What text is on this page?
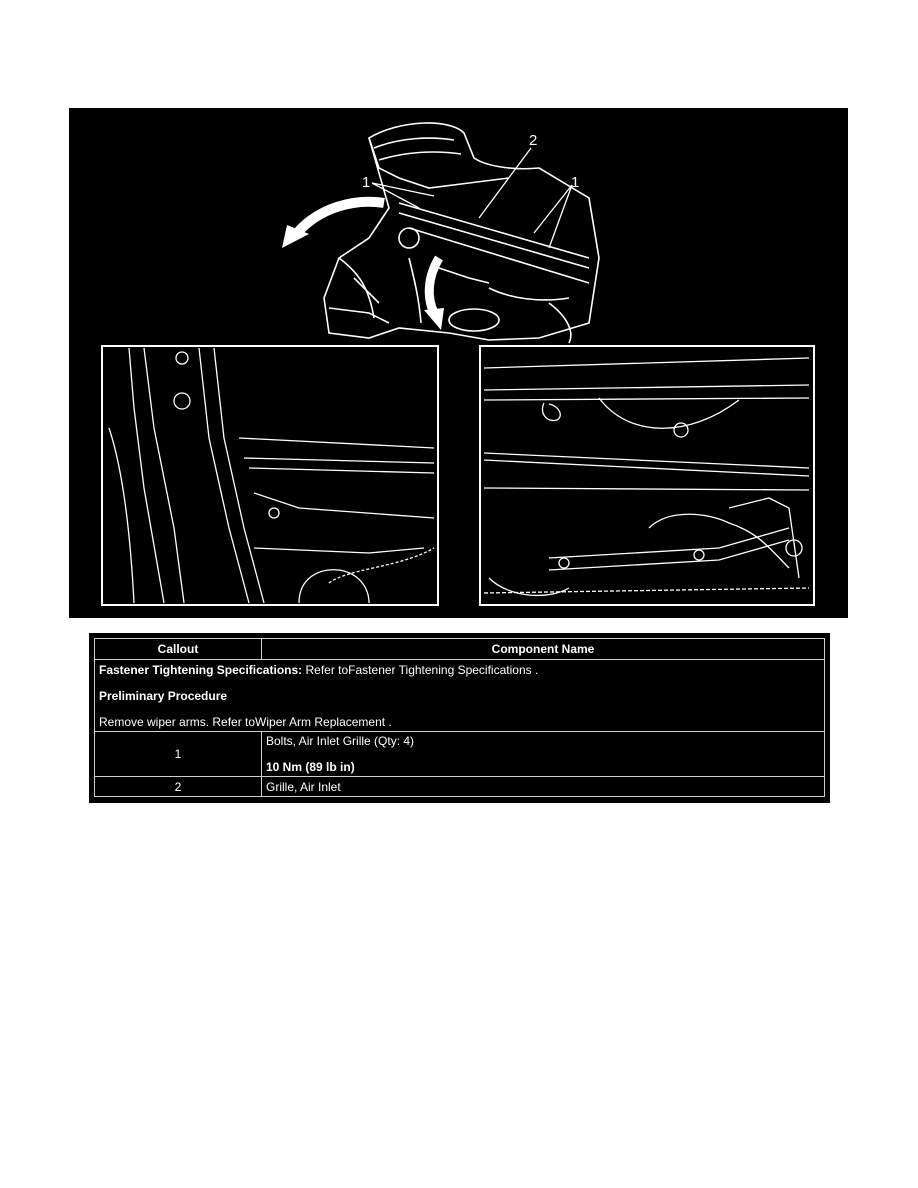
1
2
1
Callout	Component Name

Fastener Tightening Specifications: Refer toFastener Tightening Specifications .

Preliminary Procedure

Remove wiper arms. Refer toWiper Arm Replacement .	

1	Bolts, Air Inlet Grille (Qty: 4)
10 Nm (89 lb in)

2	Grille, Air Inlet
